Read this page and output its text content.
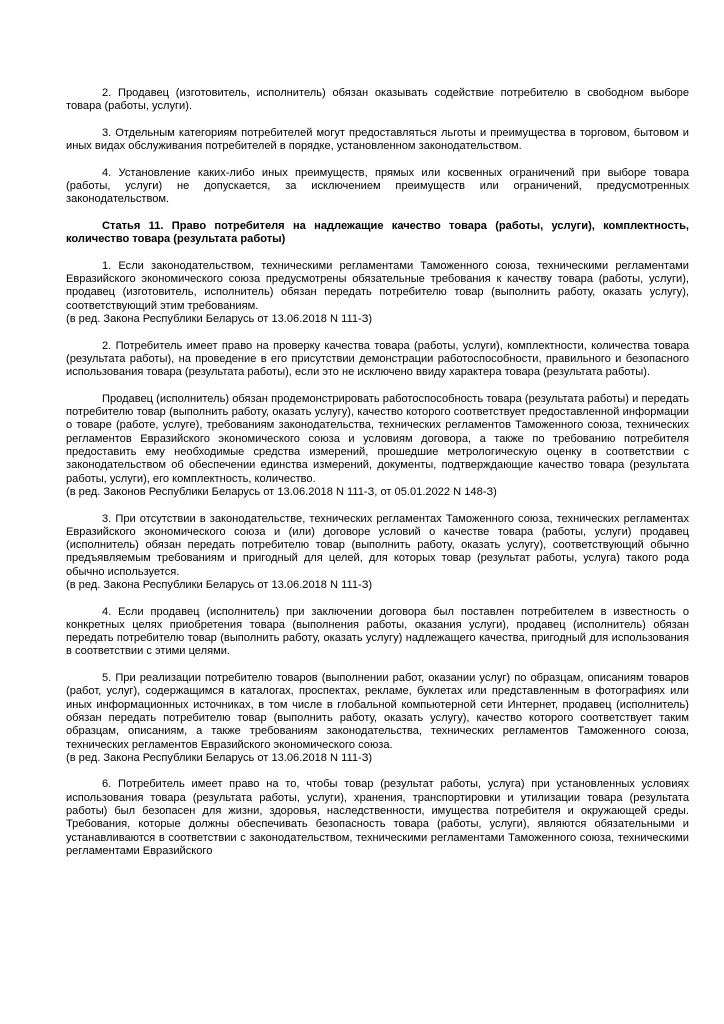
2. Продавец (изготовитель, исполнитель) обязан оказывать содействие потребителю в свободном выборе товара (работы, услуги).

3. Отдельным категориям потребителей могут предоставляться льготы и преимущества в торговом, бытовом и иных видах обслуживания потребителей в порядке, установленном законодательством.

4. Установление каких-либо иных преимуществ, прямых или косвенных ограничений при выборе товара (работы, услуги) не допускается, за исключением преимуществ или ограничений, предусмотренных законодательством.

Статья 11. Право потребителя на надлежащие качество товара (работы, услуги), комплектность, количество товара (результата работы)

1. Если законодательством, техническими регламентами Таможенного союза, техническими регламентами Евразийского экономического союза предусмотрены обязательные требования к качеству товара (работы, услуги), продавец (изготовитель, исполнитель) обязан передать потребителю товар (выполнить работу, оказать услугу), соответствующий этим требованиям.

(в ред. Закона Республики Беларусь от 13.06.2018 N 111-З)

2. Потребитель имеет право на проверку качества товара (работы, услуги), комплектности, количества товара (результата работы), на проведение в его присутствии демонстрации работоспособности, правильного и безопасного использования товара (результата работы), если это не исключено ввиду характера товара (результата работы).

Продавец (исполнитель) обязан продемонстрировать работоспособность товара (результата работы) и передать потребителю товар (выполнить работу, оказать услугу), качество которого соответствует предоставленной информации о товаре (работе, услуге), требованиям законодательства, технических регламентов Таможенного союза, технических регламентов Евразийского экономического союза и условиям договора, а также по требованию потребителя предоставить ему необходимые средства измерений, прошедшие метрологическую оценку в соответствии с законодательством об обеспечении единства измерений, документы, подтверждающие качество товара (результата работы, услуги), его комплектность, количество.

(в ред. Законов Республики Беларусь от 13.06.2018 N 111-З, от 05.01.2022 N 148-З)

3. При отсутствии в законодательстве, технических регламентах Таможенного союза, технических регламентах Евразийского экономического союза и (или) договоре условий о качестве товара (работы, услуги) продавец (исполнитель) обязан передать потребителю товар (выполнить работу, оказать услугу), соответствующий обычно предъявляемым требованиям и пригодный для целей, для которых товар (результат работы, услуга) такого рода обычно используется.

(в ред. Закона Республики Беларусь от 13.06.2018 N 111-З)

4. Если продавец (исполнитель) при заключении договора был поставлен потребителем в известность о конкретных целях приобретения товара (выполнения работы, оказания услуги), продавец (исполнитель) обязан передать потребителю товар (выполнить работу, оказать услугу) надлежащего качества, пригодный для использования в соответствии с этими целями.

5. При реализации потребителю товаров (выполнении работ, оказании услуг) по образцам, описаниям товаров (работ, услуг), содержащимся в каталогах, проспектах, рекламе, буклетах или представленным в фотографиях или иных информационных источниках, в том числе в глобальной компьютерной сети Интернет, продавец (исполнитель) обязан передать потребителю товар (выполнить работу, оказать услугу), качество которого соответствует таким образцам, описаниям, а также требованиям законодательства, технических регламентов Таможенного союза, технических регламентов Евразийского экономического союза.

(в ред. Закона Республики Беларусь от 13.06.2018 N 111-З)

6. Потребитель имеет право на то, чтобы товар (результат работы, услуга) при установленных условиях использования товара (результата работы, услуги), хранения, транспортировки и утилизации товара (результата работы) был безопасен для жизни, здоровья, наследственности, имущества потребителя и окружающей среды. Требования, которые должны обеспечивать безопасность товара (работы, услуги), являются обязательными и устанавливаются в соответствии с законодательством, техническими регламентами Таможенного союза, техническими регламентами Евразийского
